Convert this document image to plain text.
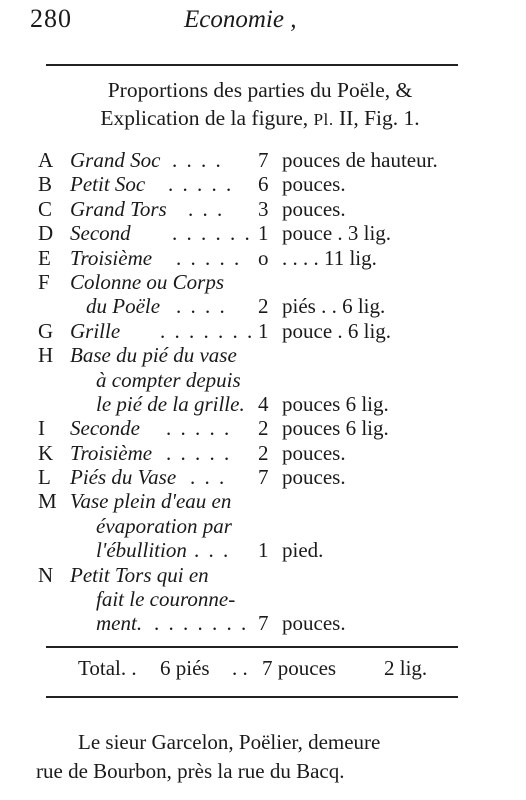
280	Economie ,
Proportions des parties du Poële, &
Explication de la figure, Pl. II, Fig. 1.
A Grand Soc . . . . 7 pouces de hauteur.
B Petit Soc . . . . . 6 pouces.
C Grand Tors . . . 3 pouces.
D Second . . . . . . 1 pouce . 3 lig.
E Troisième . . . . . o . . . . 11 lig.
F Colonne ou Corps
du Poële . . . . 2 piés . . 6 lig.
G Grille . . . . . . . 1 pouce . 6 lig.
H Base du pié du vase
à compter depuis
le pié de la grille. 4 pouces 6 lig.
I Seconde . . . . . 2 pouces 6 lig.
K Troisième . . . . . 2 pouces.
L Piés du Vase . . . 7 pouces.
M Vase plein d'eau en
évaporation par
l'ébullition . . . 1 pied.
N Petit Tors qui en
fait le couronne-
ment. . . . . . . . 7 pouces.
Total. . 6 piés . . 7 pouces 2 lig.
Le sieur Garcelon, Poëlier, demeure
rue de Bourbon, près la rue du Bacq.
